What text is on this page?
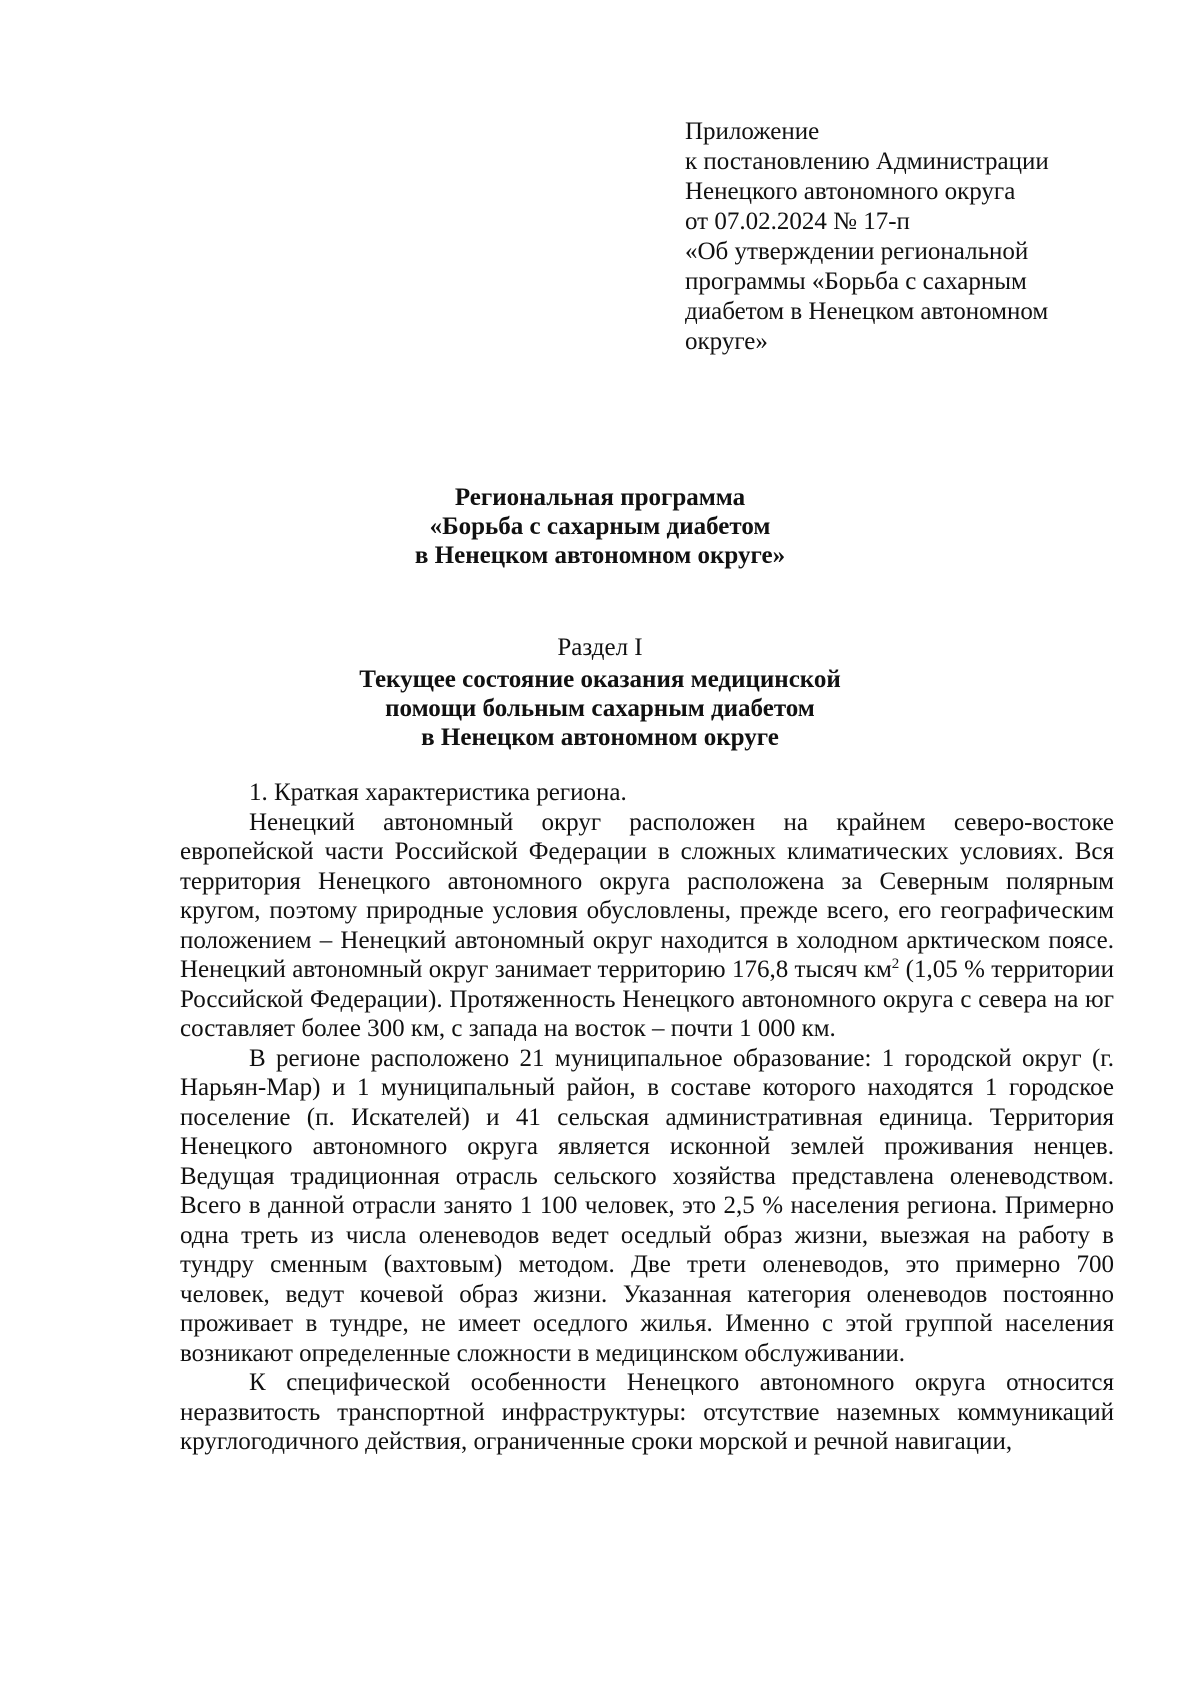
Приложение
к постановлению Администрации
Ненецкого автономного округа
от 07.02.2024 № 17-п
«Об утверждении региональной
программы «Борьба с сахарным
диабетом в Ненецком автономном
округе»
Региональная программа
«Борьба с сахарным диабетом
в Ненецком автономном округе»
Раздел I
Текущее состояние оказания медицинской
помощи больным сахарным диабетом
в Ненецком автономном округе

1. Краткая характеристика региона.

Ненецкий автономный округ расположен на крайнем северо-востоке европейской части Российской Федерации в сложных климатических условиях. Вся территория Ненецкого автономного округа расположена за Северным полярным кругом, поэтому природные условия обусловлены, прежде всего, его географическим положением – Ненецкий автономный округ находится в холодном арктическом поясе. Ненецкий автономный округ занимает территорию 176,8 тысяч $км^2$ (1,05 % территории Российской Федерации). Протяженность Ненецкого автономного округа с севера на юг составляет более 300 км, с запада на восток – почти 1 000 км.

В регионе расположено 21 муниципальное образование: 1 городской округ (г. Нарьян-Мар) и 1 муниципальный район, в составе которого находятся 1 городское поселение (п. Искателей) и 41 сельская административная единица. Территория Ненецкого автономного округа является исконной землей проживания ненцев. Ведущая традиционная отрасль сельского хозяйства представлена оленеводством. Всего в данной отрасли занято 1 100 человек, это 2,5 % населения региона. Примерно одна треть из числа оленеводов ведет оседлый образ жизни, выезжая на работу в тундру сменным (вахтовым) методом. Две трети оленеводов, это примерно 700 человек, ведут кочевой образ жизни. Указанная категория оленеводов постоянно проживает в тундре, не имеет оседлого жилья. Именно с этой группой населения возникают определенные сложности в медицинском обслуживании.

К специфической особенности Ненецкого автономного округа относится неразвитость транспортной инфраструктуры: отсутствие наземных коммуникаций круглогодичного действия, ограниченные сроки морской и речной навигации,
